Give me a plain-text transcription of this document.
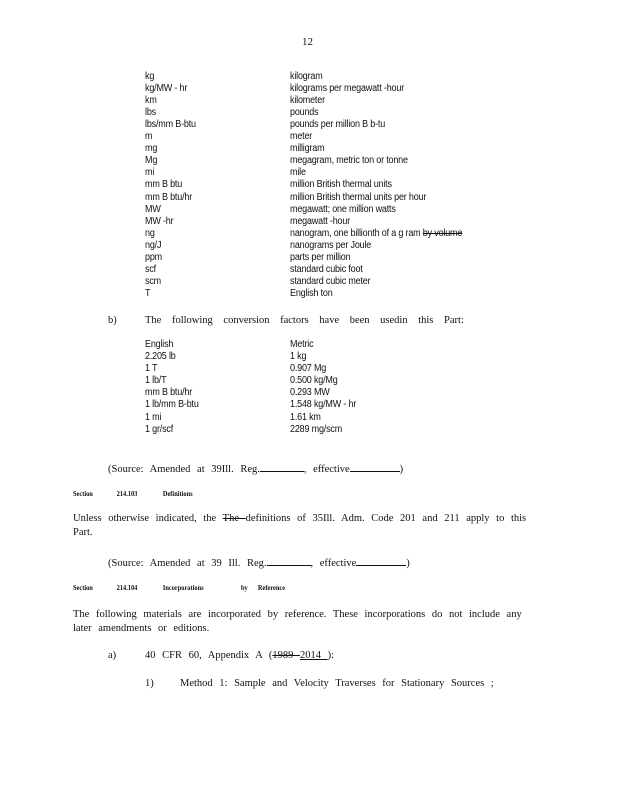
12
kg	kilogram
kg/MW - hr	kilograms per megawatt -hour
km	kilometer
lbs	pounds
lbs/mm B-btu	pounds per million B b-tu
m	meter
mg	milligram
Mg	megagram, metric ton or tonne
mi	mile
mm B btu	million British thermal units
mm B btu/hr	million British thermal units per hour
MW	megawatt; one million watts
MW -hr	megawatt -hour
ng	nanogram, one billionth of a g ram by volume
ng/J	nanograms per Joule
ppm	parts per million
scf	standard cubic foot
scm	standard cubic meter
T	English ton
b)	The following conversion factors have been usedin this Part:
English	Metric
2.205 lb	1 kg
1 T	0.907 Mg
1 lb/T	0.500 kg/Mg
mm B btu/hr	0.293 MW
1 lb/mm B-btu	1.548 kg/MW - hr
1 mi	1.61 km
1 gr/scf	2289 mg/scm
(Source: Amended at 39Ill. Reg.	, effective	)
Section	214.103	Definitions
Unless otherwise indicated, the The definitions of 35Ill. Adm. Code 201 and 211 apply to this
Part.
(Source: Amended at 39 Ill. Reg.	, effective	)
Section	214.104	Incorporations	by Reference
The following materials are incorporated by reference. These incorporations do not include any
later amendments or editions.
a)	40 CFR 60, Appendix A (1989 2014 ):
1)	Method 1: Sample and Velocity Traverses for Stationary Sources ;
